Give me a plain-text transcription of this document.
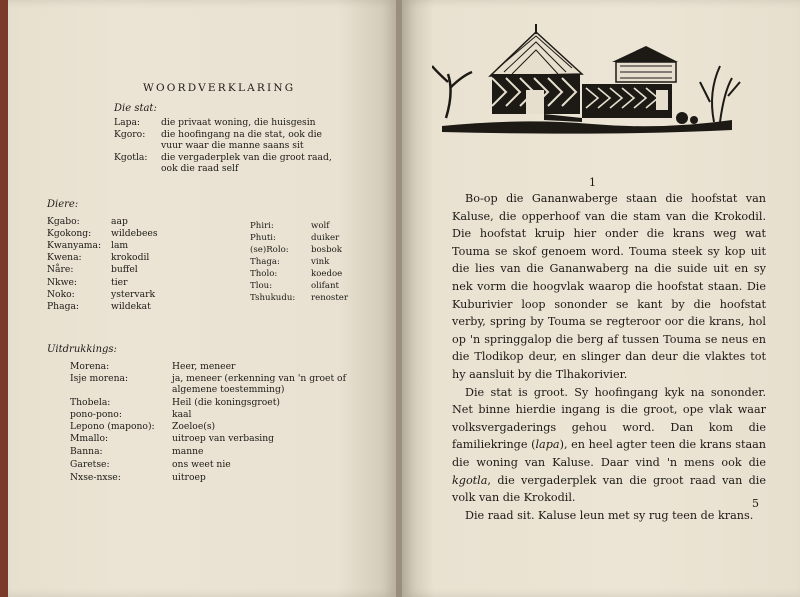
WOORDVERKLARING
Die stat:
Lapa: die privaat woning, die huisgesin
Kgoro: die hoofingang na die stat, ook die vuur waar die manne saans sit
Kgotla: die vergaderplek van die groot raad, ook die raad self
Diere:
Kgabo:	aap
Kgokong: wildebees
Kwanyama: lam
Kwena:	krokodil
Nåre:	buffel
Nkwe:	tier
Noko:	ystervark
Phaga:	wildekat
Phiri:	wolf
Phuti:	duiker
(se)Rolo:	bosbok
Thaga:	vink
Tholo:	koedoe
Tlou:	olifant
Tshukudu: renoster
Uitdrukkings:
Morena:	Heer, meneer
Isje morena:	ja, meneer (erkenning van 'n groet of algemene toestemming)
Thobela:	Heil (die koningsgroet)
pono-pono:	kaal
Lepono (mapono): Zoeloe(s)
Mmallo:	uitroep van verbasing
Banna:	manne
Garetse:	ons weet nie
Nxse-nxse:	uitroep
1

Bo-op die Gananwaberge staan die hoofstat van Kaluse, die opperhoof van die stam van die Krokodil. Die hoofstat kruip hier onder die krans weg wat Touma se skof genoem word. Touma steek sy kop uit die lies van die Gananwaberg na die suide uit en sy nek vorm die hoogvlak waarop die hoofstat staan. Die Kuburivier loop sononder se kant by die hoofstat verby, spring by Touma se regteroor oor die krans, hol op 'n springgalop die berg af tussen Touma se neus en die Tlodikop deur, en slinger dan deur die vlaktes tot hy aansluit by die Tlhakorivier.

Die stat is groot. Sy hoofingang kyk na sononder. Net binne hierdie ingang is die groot, ope vlak waar volksvergaderings gehou word. Dan kom die familiekringe (lapa), en heel agter teen die krans staan die woning van Kaluse. Daar vind 'n mens ook die kgotla, die vergaderplek van die groot raad van die volk van die Krokodil.

Die raad sit. Kaluse leun met sy rug teen de krans.

5
